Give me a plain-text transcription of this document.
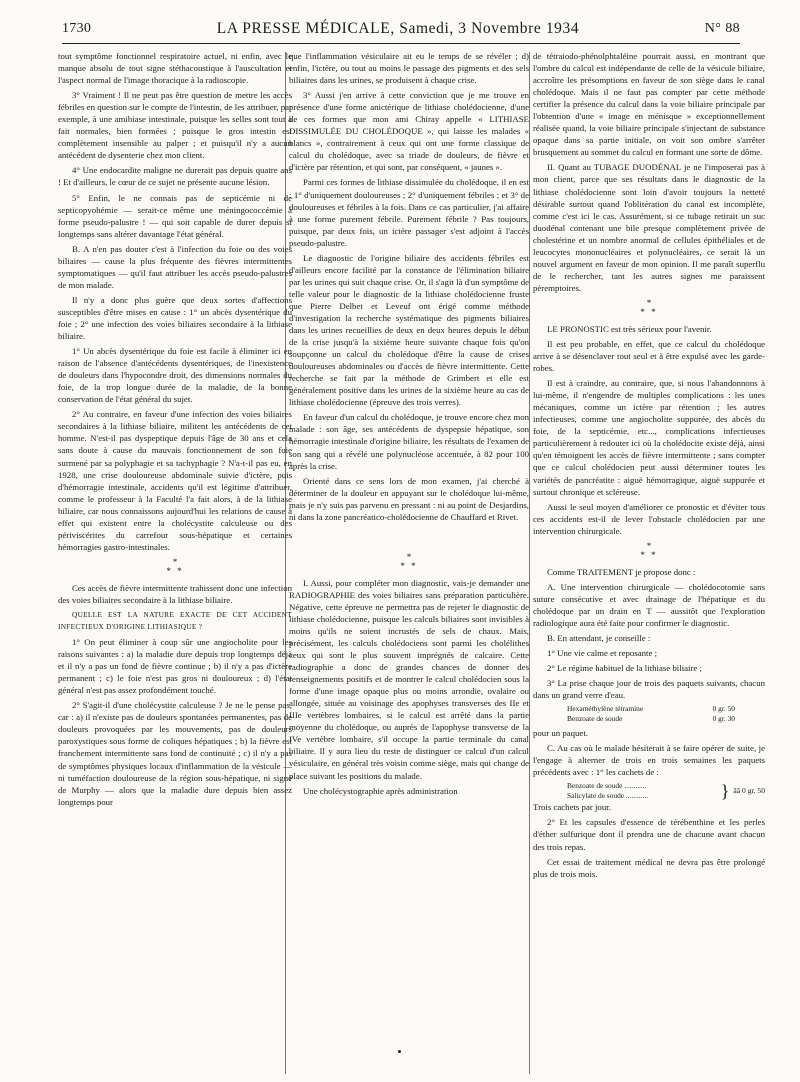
1730	LA PRESSE MÉDICALE, Samedi, 3 Novembre 1934	N° 88

tout symptôme fonctionnel respiratoire actuel, ni enfin, avec le manque absolu de tout signe stéthacoustique à l'auscultation et l'aspect normal de l'image thoracique à la radioscopie.

3° Vraiment ! Il ne peut pas être question de mettre les accès fébriles en question sur le compte de l'intestin, de les attribuer, par exemple, à une amibiase intestinale, puisque les selles sont tout à fait normales, bien formées ; puisque le gros intestin est complètement insensible au palper ; et puisqu'il n'y a aucun antécédent de dysenterie chez mon client.

4° Une endocardite maligne ne durerait pas depuis quatre ans ! Et d'ailleurs, le cœur de ce sujet ne présente aucune lésion.

5° Enfin, le ne connais pas de septicémie ni de septicopyohémie — serait-ce même une méningococcémie à forme pseudo-palustre ! — qui soit capable de durer depuis si longtemps sans altérer davantage l'état général.

B. A n'en pas douter c'est à l'infection du foie ou des voies biliaires — cause la plus fréquente des fièvres intermittentes symptomatiques — qu'il faut attribuer les accès pseudo-palustres de mon malade.

Il n'y a donc plus guère que deux sortes d'affections susceptibles d'être mises en cause : 1° un abcès dysentérique du foie ; 2° une infection des voies biliaires secondaire à la lithiase biliaire.

1° Un abcès dysentérique du foie est facile à éliminer ici en raison de l'absence d'antécédents dysentériques, de l'inexistence de douleurs dans l'hypocondre droit, des dimensions normales du foie, de la trop longue durée de la maladie, de la bonne conservation de l'état général du sujet.

2° Au contraire, en faveur d'une infection des voies biliaires secondaires à la lithiase biliaire, militent les antécédents de cet homme. N'est-il pas dyspeptique depuis l'âge de 30 ans et cela sans doute à cause du mauvais fonctionnement de son foie surmené par sa polyphagie et sa tachyphagie ? N'a-t-il pas eu, en 1928, une crise douloureuse abdominale suivie d'ictère, puis d'hémorragie intestinale, accidents qu'il est légitime d'attribuer, comme le professeur à la Faculté l'a fait alors, à de la lithiase biliaire, car nous connaissons aujourd'hui les relations de cause à effet qui existent entre la cholécystite calculeuse ou des périviscérites du carrefour sous-hépatique et certaines hémorragies gastro-intestinales.

*
* *

Ces accès de fièvre intermittente trahissent donc une infection des voies biliaires secondaire à la lithiase biliaire.

QUELLE EST LA NATURE EXACTE DE CET ACCIDENT INFECTIEUX D'ORIGINE LITHIASIQUE ?

1° On peut éliminer à coup sûr une angiocholite pour les raisons suivantes : a) la maladie dure depuis trop longtemps déjà et il n'y a pas un fond de fièvre continue ; b) il n'y a pas d'ictère permanent ; c) le foie n'est pas gros ni douloureux ; d) l'état général n'est pas assez profondément touché.

2° S'agit-il d'une cholécystite calculeuse ? Je ne le pense pas, car : a) il n'existe pas de douleurs spontanées permanentes, pas de douleurs provoquées par les mouvements, pas de douleurs paroxystiques sous forme de coliques hépatiques ; b) la fièvre est franchement intermittente sans fond de continuité ; c) il n'y a pas de symptômes physiques locaux d'inflammation de la vésicule — ni tuméfaction douloureuse de la région sous-hépatique, ni signe de Murphy — alors que la maladie dure depuis bien assez longtemps pour

que l'inflammation vésiculaire ait eu le temps de se révéler ; d) enfin, l'ictère, ou tout au moins le passage des pigments et des sels biliaires dans les urines, se produisent à chaque crise.

3° Aussi j'en arrive à cette conviction que je me trouve en présence d'une forme anictérique de lithiase cholédocienne, d'une de ces formes que mon ami Chiray appelle « LITHIASE DISSIMULÉE DU CHOLÉDOQUE », qui laisse les malades « blancs », contrairement à ceux qui ont une forme classique de calcul du cholédoque, avec sa triade de douleurs, de fièvre et d'ictère par rétention, et qui sont, par conséquent, « jaunes ».

Parmi ces formes de lithiase dissimulée du cholédoque, il en est : 1° d'uniquement douloureuses ; 2° d'uniquement fébriles ; et 3° de douloureuses et fébriles à la fois. Dans ce cas particulier, j'ai affaire à une forme purement fébrile. Purement fébrile ? Pas toujours, puisque, par deux fois, un ictère passager s'est adjoint à l'accès pseudo-palustre.

Le diagnostic de l'origine biliaire des accidents fébriles est d'ailleurs encore facilité par la constance de l'élimination biliaire par les urines qui suit chaque crise. Or, il s'agit là d'un symptôme de telle valeur pour le diagnostic de la lithiase cholédocienne fruste que Pierre Delbet et Leveuf ont érigé comme méthode d'investigation la recherche systématique des pigments biliaires dans les urines recueillies de deux en deux heures depuis le début de la crise jusqu'à la sixième heure suivante chaque fois qu'on soupçonne un calcul du cholédoque d'être la cause de crises douloureuses abdominales ou d'accès de fièvre intermittente. Cette recherche se fait par la méthode de Grimbert et elle est généralement positive dans les urines de la sixième heure au cas de lithiase cholédocienne (épreuve des trois verres).

En faveur d'un calcul du cholédoque, je trouve encore chez mon malade : son âge, ses antécédents de dyspepsie hépatique, son hémorragie intestinale d'origine biliaire, les résultats de l'examen de son sang qui a révélé une polynucléose accentuée, à 82 pour 100 après la crise.

Orienté dans ce sens lors de mon examen, j'ai cherché à déterminer de la douleur en appuyant sur le cholédoque lui-même, mais je n'y suis pas parvenu en pressant : ni au point de Desjardins, ni dans la zone pancréatico-cholédocienne de Chauffard et Rivet.

*
* *

I. Aussi, pour compléter mon diagnostic, vais-je demander une RADIOGRAPHIE des voies biliaires sans préparation particulière. Négative, cette épreuve ne permettra pas de rejeter le diagnostic de lithiase cholédocienne, puisque les calculs biliaires sont invisibles à moins qu'ils ne soient incrustés de sels de chaux. Mais, précisément, les calculs cholédociens sont parmi les cholélithes ceux qui sont le plus souvent imprégnés de calcaire. Cette radiographie a donc de grandes chances de donner des renseignements positifs et de montrer le calcul cholédocien sous la forme d'une image opaque plus ou moins arrondie, ovalaire ou allongée, située au voisinage des apophyses transverses des IIe et IIIe vertèbres lombaires, si le calcul est arrêté dans la partie moyenne du cholédoque, ou auprès de l'apophyse transverse de la IVe vertèbre lombaire, s'il occupe la partie terminale du canal biliaire. Il y aura lieu du reste de distinguer ce calcul d'un calcul vésiculaire, en général très voisin comme siège, mais qui change de place suivant les positions du malade.

Une cholécystographie après administration

de tétraiodo-phénolphtaléine pourrait aussi, en montrant que l'ombre du calcul est indépendante de celle de la vésicule biliaire, accroître les présomptions en faveur de son siège dans le canal cholédoque. Mais il ne faut pas compter par cette méthode certifier la présence du calcul dans la voie biliaire principale par l'obtention d'une « image en ménisque » exceptionnellement réalisée quand, la voie biliaire principale s'injectant de substance opaque dans sa partie initiale, on voit son ombre s'arrêter brusquement au sommet du calcul en formant une sorte de dôme.

II. Quant au TUBAGE DUODÉNAL je ne l'imposerai pas à mon client, parce que ses résultats dans le diagnostic de la lithiase cholédocienne sont loin d'avoir toujours la netteté désirable surtout quand l'oblitération du canal est incomplète, comme c'est ici le cas. Assurément, si ce tubage retirait un suc duodénal contenant une bile presque complètement privée de cholestérine et un nombre anormal de cellules épithéliales et de leucocytes mononucléaires et polynucléaires, ce serait là un nouvel argument en faveur de mon opinion. Il me paraît superflu de le rechercher, tant les autres signes me paraissent péremptoires.

*
* *

LE PRONOSTIC est très sérieux pour l'avenir.

Il est peu probable, en effet, que ce calcul du cholédoque arrive à se désenclaver tout seul et à être expulsé avec les garde-robes.

Il est à craindre, au contraire, que, si nous l'abandonnons à lui-même, il n'engendre de multiples complications : les unes mécaniques, comme un ictère par rétention ; les autres infectieuses, comme une angiocholite suppurée, des abcès du foie, de la septicémie, etc..., complications infectieuses particulièrement à redouter ici où la cholédocite existe déjà, ainsi qu'en témoignent les accès de fièvre intermittente ; sans compter que ce calcul cholédocien peut aussi déterminer toutes les variétés de pancréatite : aiguë hémorragique, aiguë suppurée et surtout chronique et scléreuse.

Aussi le seul moyen d'améliorer ce pronostic et d'éviter tous ces accidents est-il de lever l'obstacle cholédocien par une intervention chirurgicale.

*
* *

Comme TRAITEMENT je propose donc :

A. Une intervention chirurgicale — cholédocotomie sans suture consécutive et avec drainage de l'hépatique et du cholédoque par un drain en T — aussitôt que l'exploration radiologique aura été faite pour confirmer le diagnostic.

B. En attendant, je conseille :

1° Une vie calme et reposante ;

2° Le régime habituel de la lithiase biliaire ;

3° La prise chaque jour de trois des paquets suivants, chacun dans un grand verre d'eau.

Hexaméthylène tétramine	0 gr. 50
Benzoate de soude	0 gr. 30

pour un paquet.

C. Au cas où le malade hésiterait à se faire opérer de suite, je l'engage à alterner de trois en trois semaines les paquets précédents avec : 1° les cachets de :

Benzoate de soude ............
Salicylate de soude ............	} āā 0 gr. 50

Trois cachets par jour.

2° Et les capsules d'essence de térébenthine et les perles d'éther sulfurique dont il prendra une de chacune avant chacun des trois repas.

Cet essai de traitement médical ne devra pas être prolongé plus de trois mois.
